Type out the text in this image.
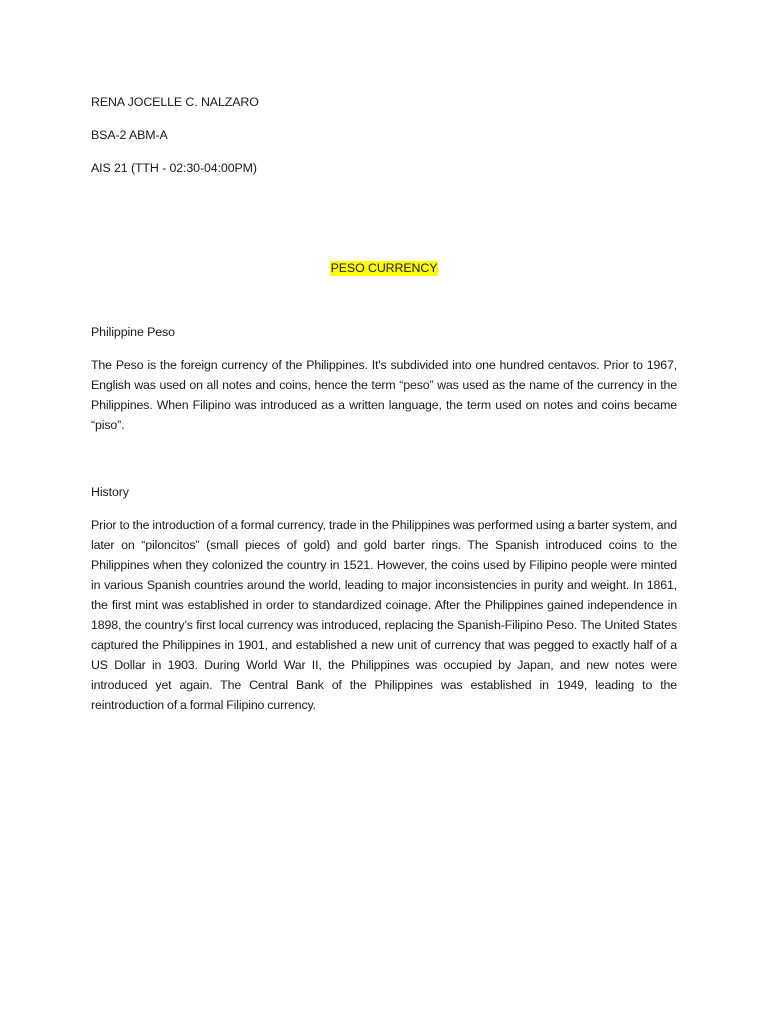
RENA JOCELLE C. NALZARO

BSA-2 ABM-A

AIS 21 (TTH - 02:30-04:00PM)

PESO CURRENCY

Philippine Peso

The Peso is the foreign currency of the Philippines. It's subdivided into one hundred centavos. Prior to 1967, English was used on all notes and coins, hence the term “peso” was used as the name of the currency in the Philippines. When Filipino was introduced as a written language, the term used on notes and coins became “piso”.

History

Prior to the introduction of a formal currency, trade in the Philippines was performed using a barter system, and later on “piloncitos” (small pieces of gold) and gold barter rings. The Spanish introduced coins to the Philippines when they colonized the country in 1521. However, the coins used by Filipino people were minted in various Spanish countries around the world, leading to major inconsistencies in purity and weight. In 1861, the first mint was established in order to standardized coinage. After the Philippines gained independence in 1898, the country’s first local currency was introduced, replacing the Spanish-Filipino Peso. The United States captured the Philippines in 1901, and established a new unit of currency that was pegged to exactly half of a US Dollar in 1903. During World War II, the Philippines was occupied by Japan, and new notes were introduced yet again. The Central Bank of the Philippines was established in 1949, leading to the reintroduction of a formal Filipino currency.
